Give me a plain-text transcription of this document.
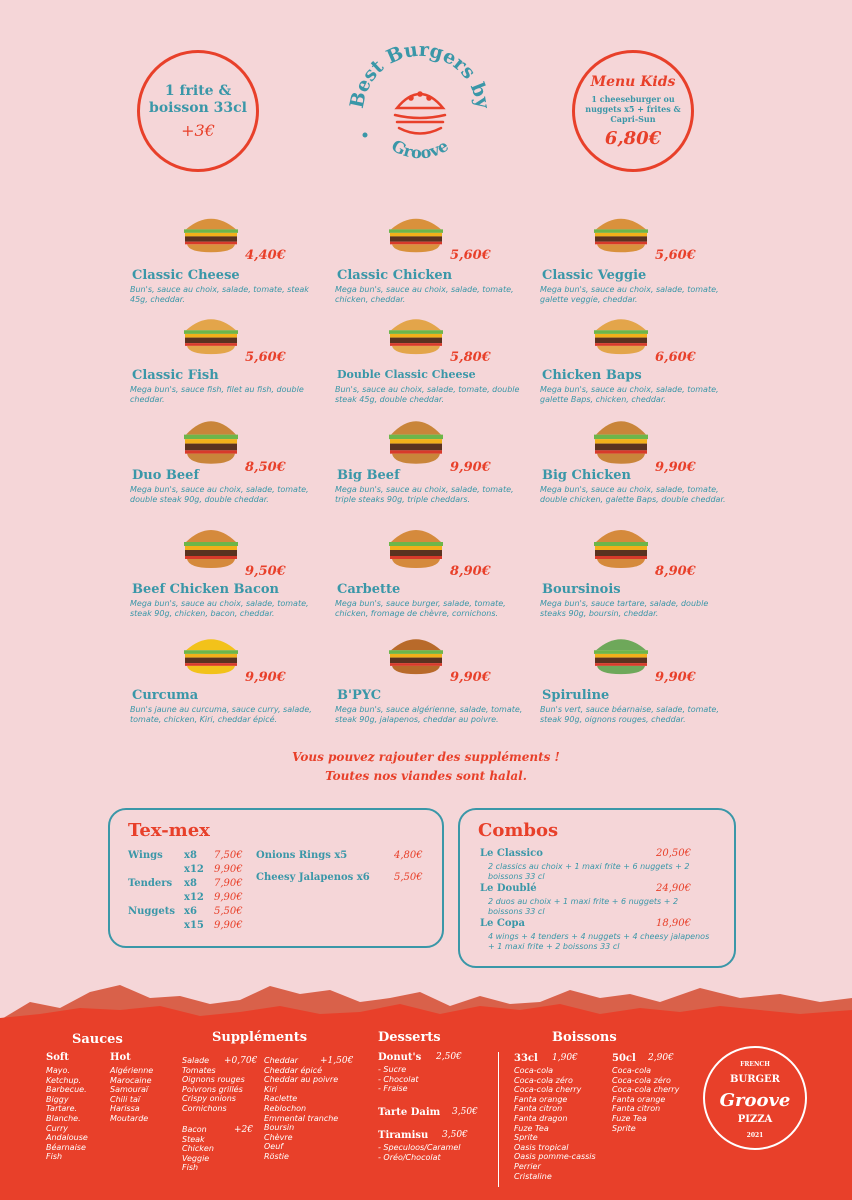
1 frite &
boisson 33cl
+3€
Best Burgers by
Groove
Menu Kids
1 cheeseburger ou nuggets x5 + frites & Capri-Sun
6,80€
4,40€
Classic Cheese
Bun's, sauce au choix, salade, tomate, steak 45g, cheddar.
5,60€
Classic Chicken
Mega bun's, sauce au choix, salade, tomate, chicken, cheddar.
5,60€
Classic Veggie
Mega bun's, sauce au choix, salade, tomate, galette veggie, cheddar.
5,60€
Classic Fish
Mega bun's, sauce fish, filet au fish, double cheddar.
5,80€
Double Classic Cheese
Bun's, sauce au choix, salade, tomate, double steak 45g, double cheddar.
6,60€
Chicken Baps
Mega bun's, sauce au choix, salade, tomate, galette Baps, chicken, cheddar.
8,50€
Duo Beef
Mega bun's, sauce au choix, salade, tomate, double steak 90g, double cheddar.
9,90€
Big Beef
Mega bun's, sauce au choix, salade, tomate, triple steaks 90g, triple cheddars.
9,90€
Big Chicken
Mega bun's, sauce au choix, salade, tomate, double chicken, galette Baps, double cheddar.
9,50€
Beef Chicken Bacon
Mega bun's, sauce au choix, salade, tomate, steak 90g, chicken, bacon, cheddar.
8,90€
Carbette
Mega bun's, sauce burger, salade, tomate, chicken, fromage de chèvre, cornichons.
8,90€
Boursinois
Mega bun's, sauce tartare, salade, double steaks 90g, boursin, cheddar.
9,90€
Curcuma
Bun's jaune au curcuma, sauce curry, salade, tomate, chicken, Kiri, cheddar épicé.
9,90€
B'PYC
Mega bun's, sauce algérienne, salade, tomate, steak 90g, jalapenos, cheddar au poivre.
9,90€
Spiruline
Bun's vert, sauce béarnaise, salade, tomate, steak 90g, oignons rouges, cheddar.
Vous pouvez rajouter des suppléments !
Toutes nos viandes sont halal.
Tex-mex
Wings x8 7,50€
x12 9,90€
Tenders x8 7,90€
x12 9,90€
Nuggets x6 5,50€
x15 9,90€
Onions Rings x5	4,80€
Cheesy Jalapenos x6 5,50€
Combos
Le Classico	20,50€
2 classics au choix + 1 maxi frite + 6 nuggets + 2 boissons 33 cl
Le Doublé	24,90€
2 duos au choix + 1 maxi frite + 6 nuggets + 2 boissons 33 cl
Le Copa	18,90€
4 wings + 4 tenders + 4 nuggets + 4 cheesy jalapenos + 1 maxi frite + 2 boissons 33 cl
Sauces
Soft
Mayo.
Ketchup.
Barbecue.
Biggy
Tartare.
Blanche.
Curry
Andalouse
Béarnaise
Fish
Hot
Algérienne
Marocaine
Samouraï
Chili taï
Harissa
Moutarde
Suppléments
Salade
Tomates
Oignons rouges
Poivrons grillés
Crispy onions
Cornichons
+0,70€
Bacon
Steak
Chicken
Veggie
Fish
+2€
Cheddar
Cheddar épicé
Cheddar au poivre
Kiri
Raclette
Reblochon
Emmental tranche
Boursin
Chèvre
Oeuf
Röstie
+1,50€
Desserts
Donut's 2,50€
- Sucre
- Chocolat
- Fraise
Tarte Daim 3,50€
Tiramisu 3,50€
- Speculoos/Caramel
- Oréo/Chocolat
Boissons
33cl 1,90€
Coca-cola
Coca-cola zéro
Coca-cola cherry
Fanta orange
Fanta citron
Fanta dragon
Fuze Tea
Sprite
Oasis tropical
Oasis pomme-cassis
Perrier
Cristaline
50cl 2,90€
Coca-cola
Coca-cola zéro
Coca-cola cherry
Fanta orange
Fanta citron
Fuze Tea
Sprite
FRENCH
BURGER
Groove
PIZZA
2021
